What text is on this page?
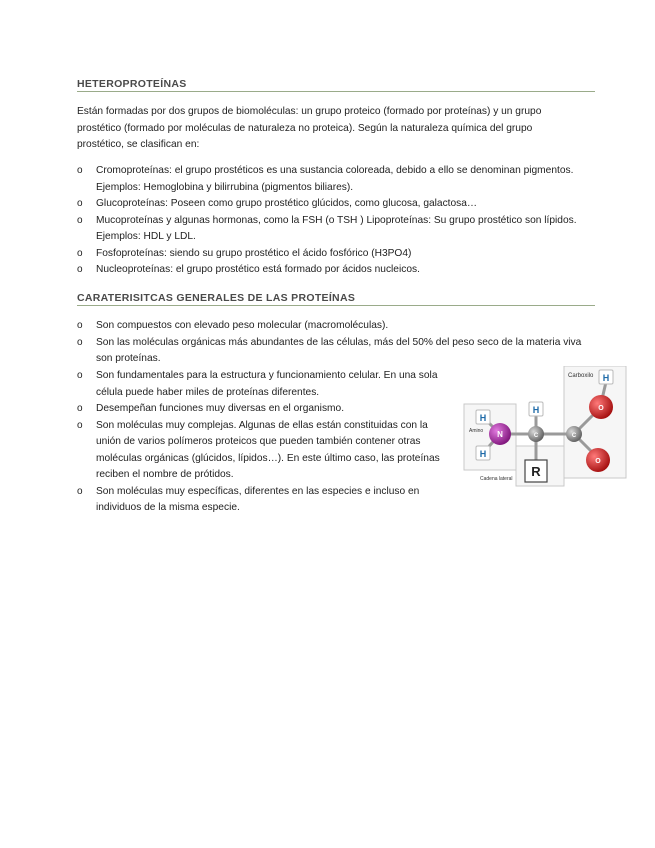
HETEROPROTEÍNAS
Están formadas por dos grupos de biomoléculas: un grupo proteico (formado por proteínas) y un grupo prostético (formado por moléculas de naturaleza no proteica). Según la naturaleza química del grupo prostético, se clasifican en:
o Cromoproteínas: el grupo prostéticos es una sustancia coloreada, debido a ello se denominan pigmentos. Ejemplos: Hemoglobina y bilirrubina (pigmentos biliares).
o Glucoproteínas: Poseen como grupo prostético glúcidos, como glucosa, galactosa…
o Mucoproteínas y algunas hormonas, como la FSH (o TSH ) Lipoproteínas: Su grupo prostético son lípidos. Ejemplos: HDL y LDL.
o Fosfoproteínas: siendo su grupo prostético el ácido fosfórico (H3PO4)
o Nucleoproteínas: el grupo prostético está formado por ácidos nucleicos.
CARATERISITCAS GENERALES DE LAS PROTEÍNAS
o Son compuestos con elevado peso molecular (macromoléculas).
o Son las moléculas orgánicas más abundantes de las células, más del 50% del peso seco de la materia viva son proteínas.
o Son fundamentales para la estructura y funcionamiento celular. En una sola célula puede haber miles de proteínas diferentes.
o Desempeñan funciones muy diversas en el organismo.
o Son moléculas muy complejas. Algunas de ellas están constituidas con la unión de varios polímeros proteicos que pueden también contener otras moléculas orgánicas (glúcidos, lípidos…). En este último caso, las proteínas reciben el nombre de prótidos.
o Son moléculas muy específicas, diferentes en las especies e incluso en individuos de la misma especie.
Carboxilo
Amino
Cadena lateral
H
H
H
H
N	C	C
O
O
R
